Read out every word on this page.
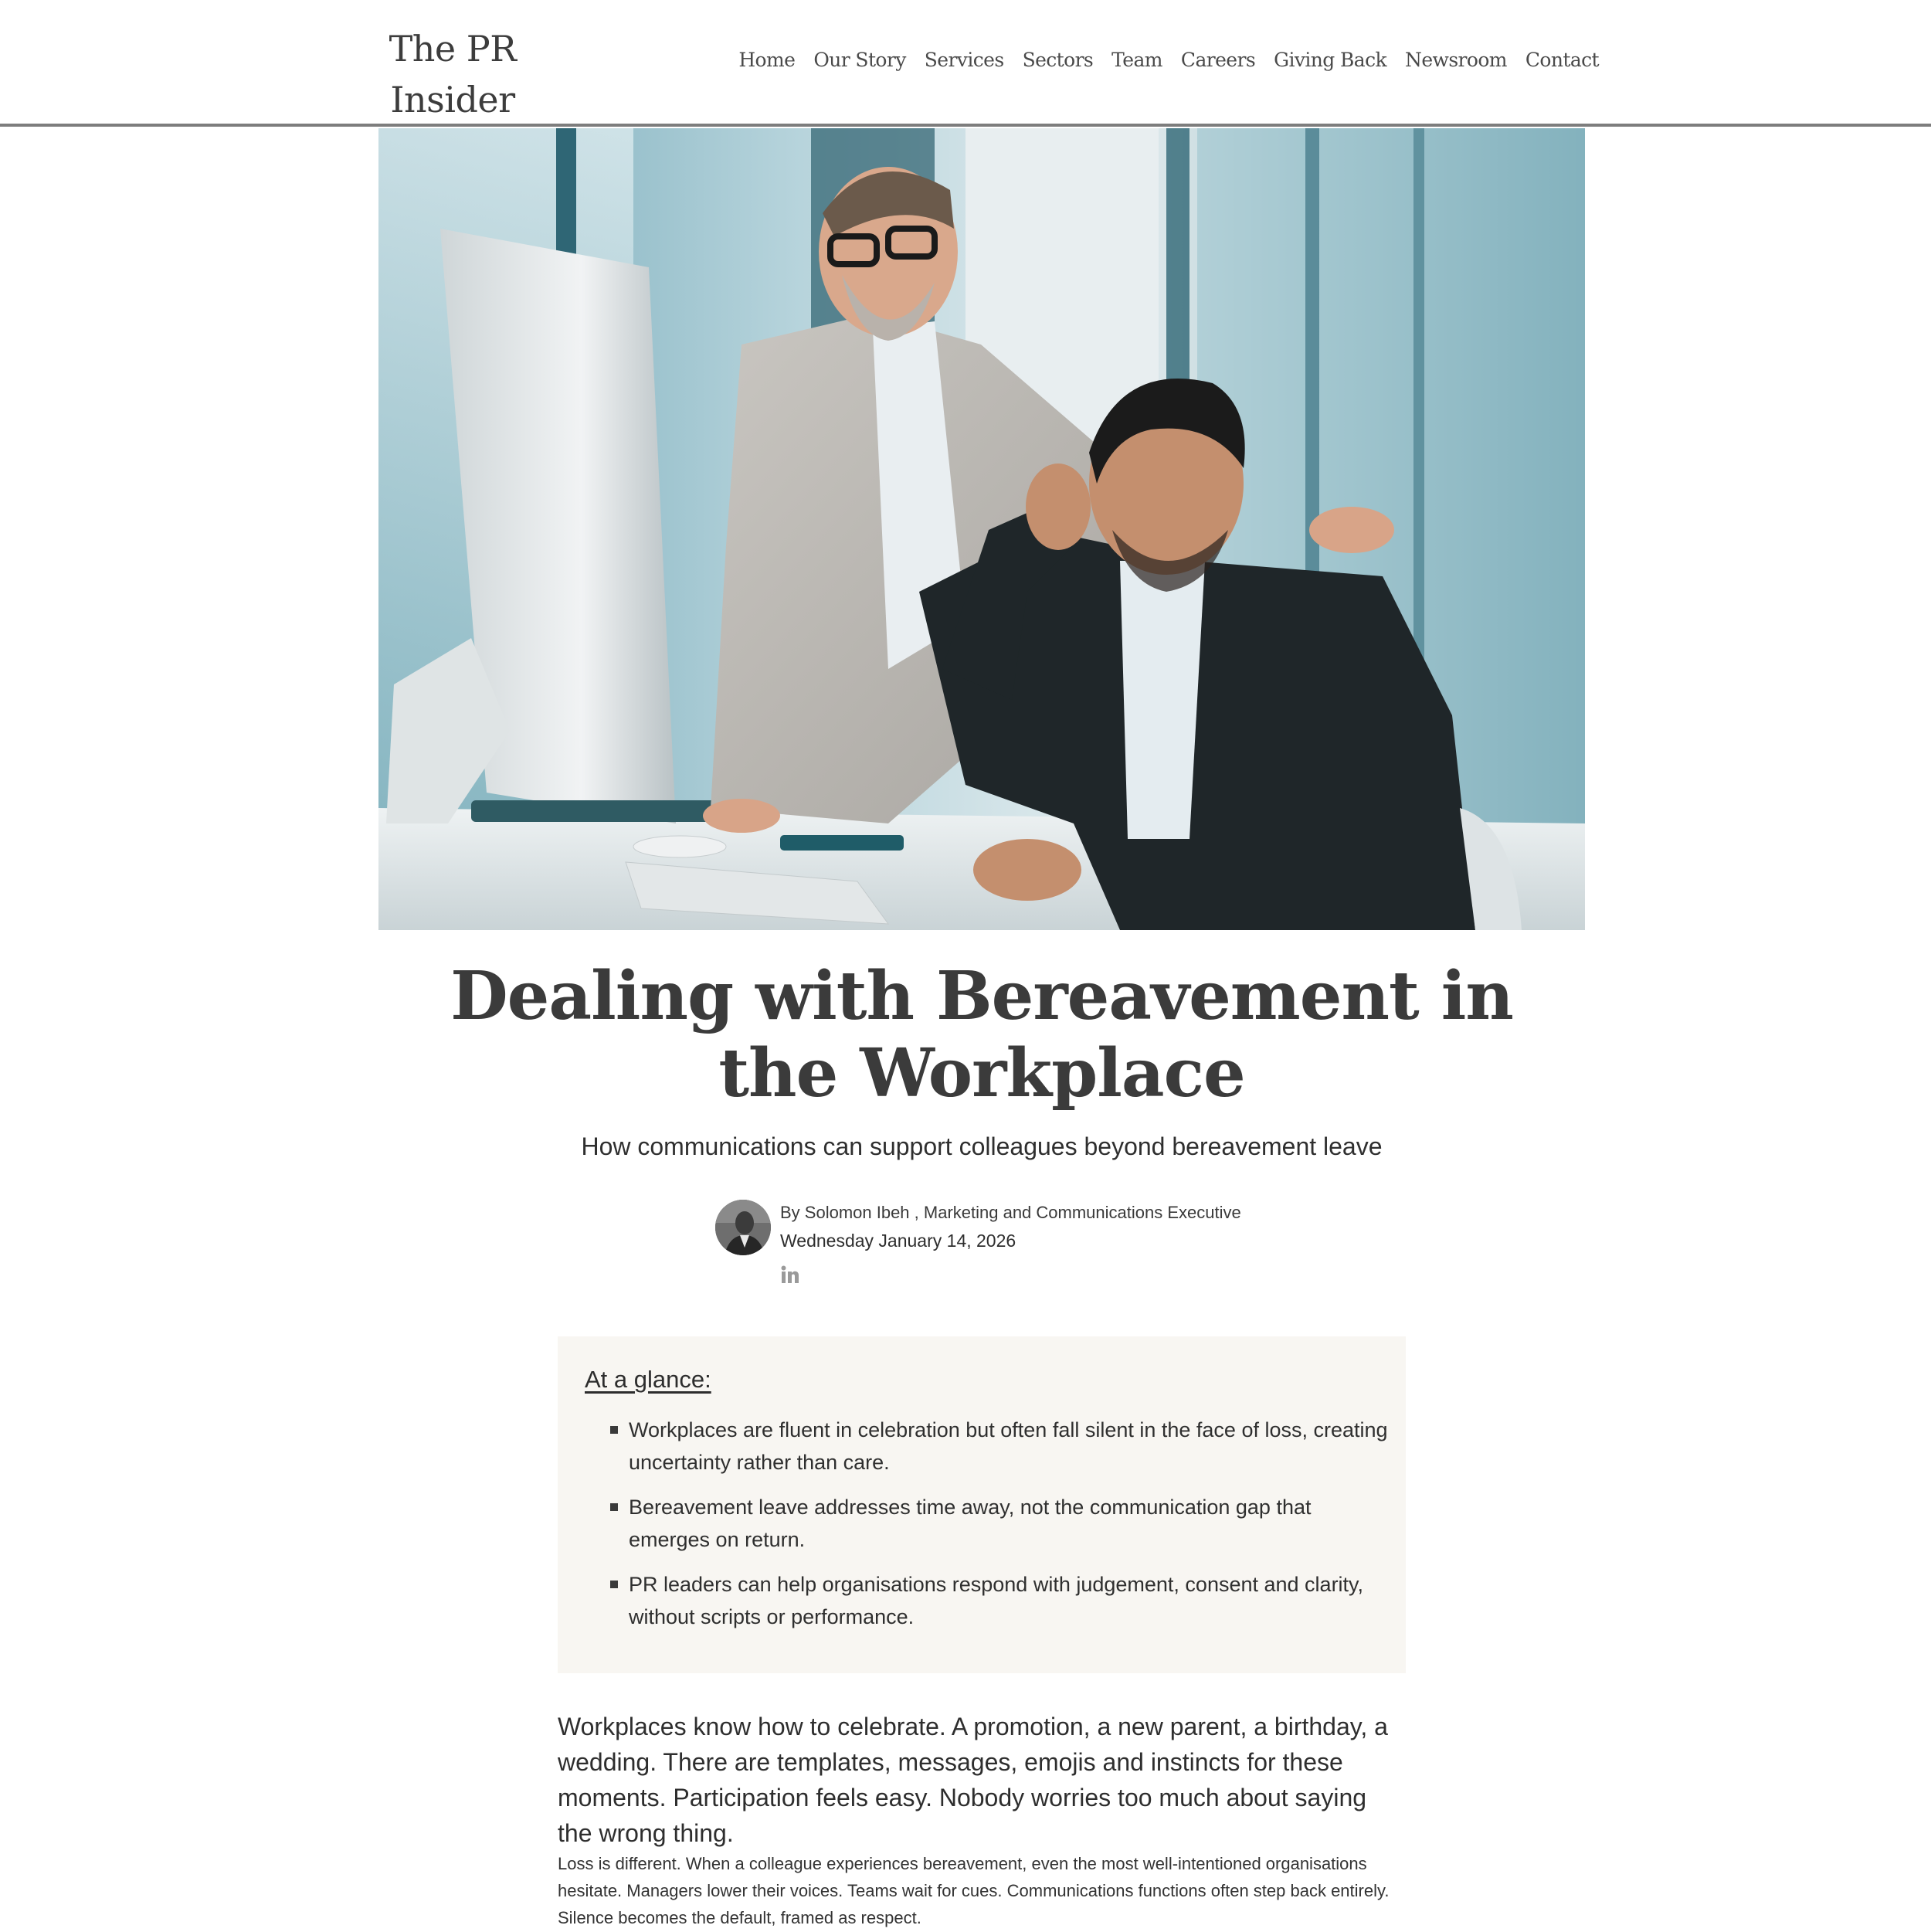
The PR Insider
Home Our Story Services Sectors Team Careers Giving Back Newsroom Contact
Dealing with Bereavement in the Workplace
How communications can support colleagues beyond bereavement leave
By Solomon Ibeh , Marketing and Communications Executive
Wednesday January 14, 2026
At a glance:
Workplaces are fluent in celebration but often fall silent in the face of loss, creating uncertainty rather than care.
Bereavement leave addresses time away, not the communication gap that emerges on return.
PR leaders can help organisations respond with judgement, consent and clarity, without scripts or performance.

Workplaces know how to celebrate. A promotion, a new parent, a birthday, a wedding. There are templates, messages, emojis and instincts for these moments. Participation feels easy. Nobody worries too much about saying the wrong thing.

Loss is different. When a colleague experiences bereavement, even the most well-intentioned organisations hesitate. Managers lower their voices. Teams wait for cues. Communications functions often step back entirely. Silence becomes the default, framed as respect.
